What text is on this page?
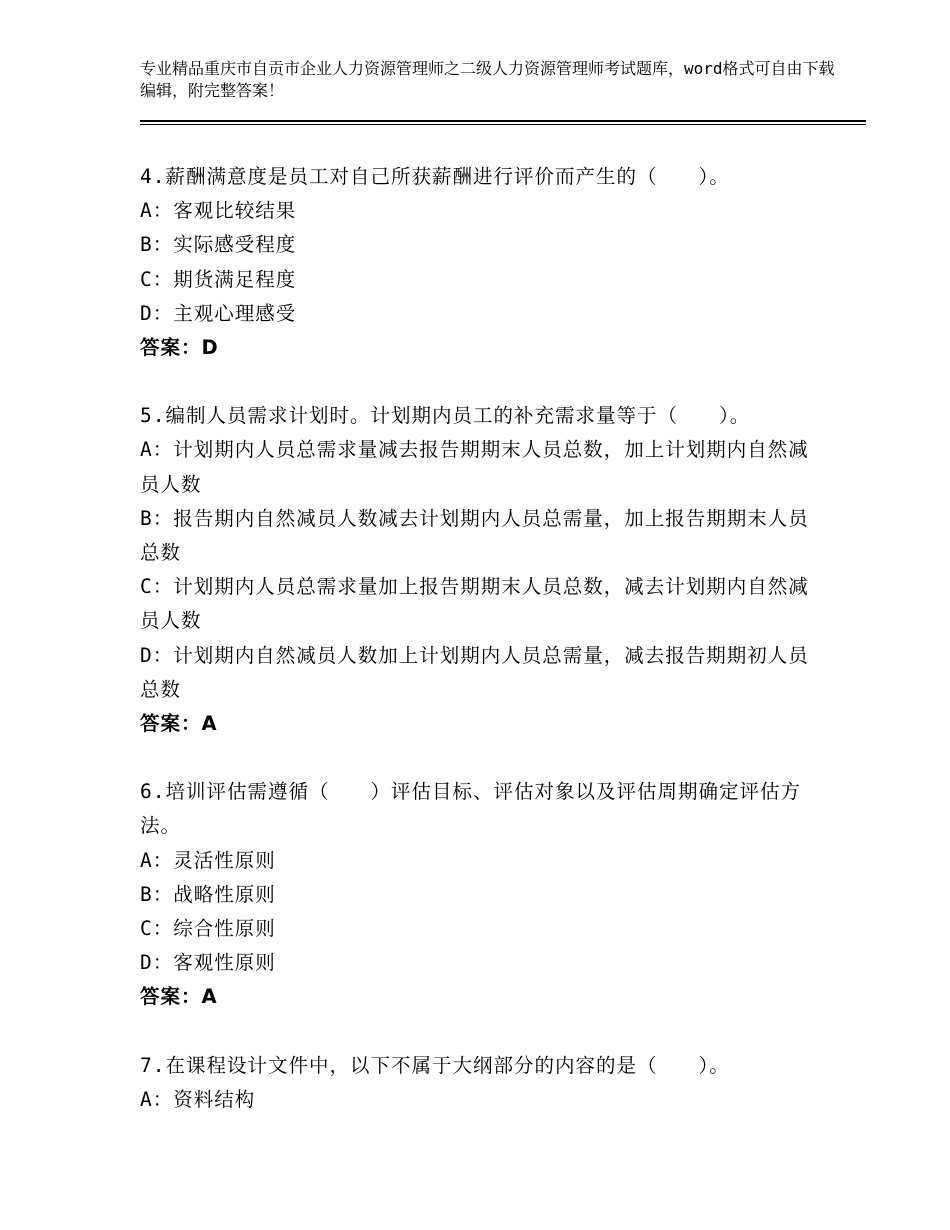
专业精品重庆市自贡市企业人力资源管理师之二级人力资源管理师考试题库，word格式可自由下载编辑，附完整答案！
4.薪酬满意度是员工对自己所获薪酬进行评价而产生的（　　）。
A：客观比较结果
B：实际感受程度
C：期货满足程度
D：主观心理感受
答案：D
5.编制人员需求计划时。计划期内员工的补充需求量等于（　　）。
A：计划期内人员总需求量减去报告期期末人员总数，加上计划期内自然减员人数
B：报告期内自然减员人数减去计划期内人员总需量，加上报告期期末人员总数
C：计划期内人员总需求量加上报告期期末人员总数，减去计划期内自然减员人数
D：计划期内自然减员人数加上计划期内人员总需量，减去报告期期初人员总数
答案：A
6.培训评估需遵循（　　）评估目标、评估对象以及评估周期确定评估方法。
A：灵活性原则
B：战略性原则
C：综合性原则
D：客观性原则
答案：A
7.在课程设计文件中，以下不属于大纲部分的内容的是（　　）。
A：资料结构
